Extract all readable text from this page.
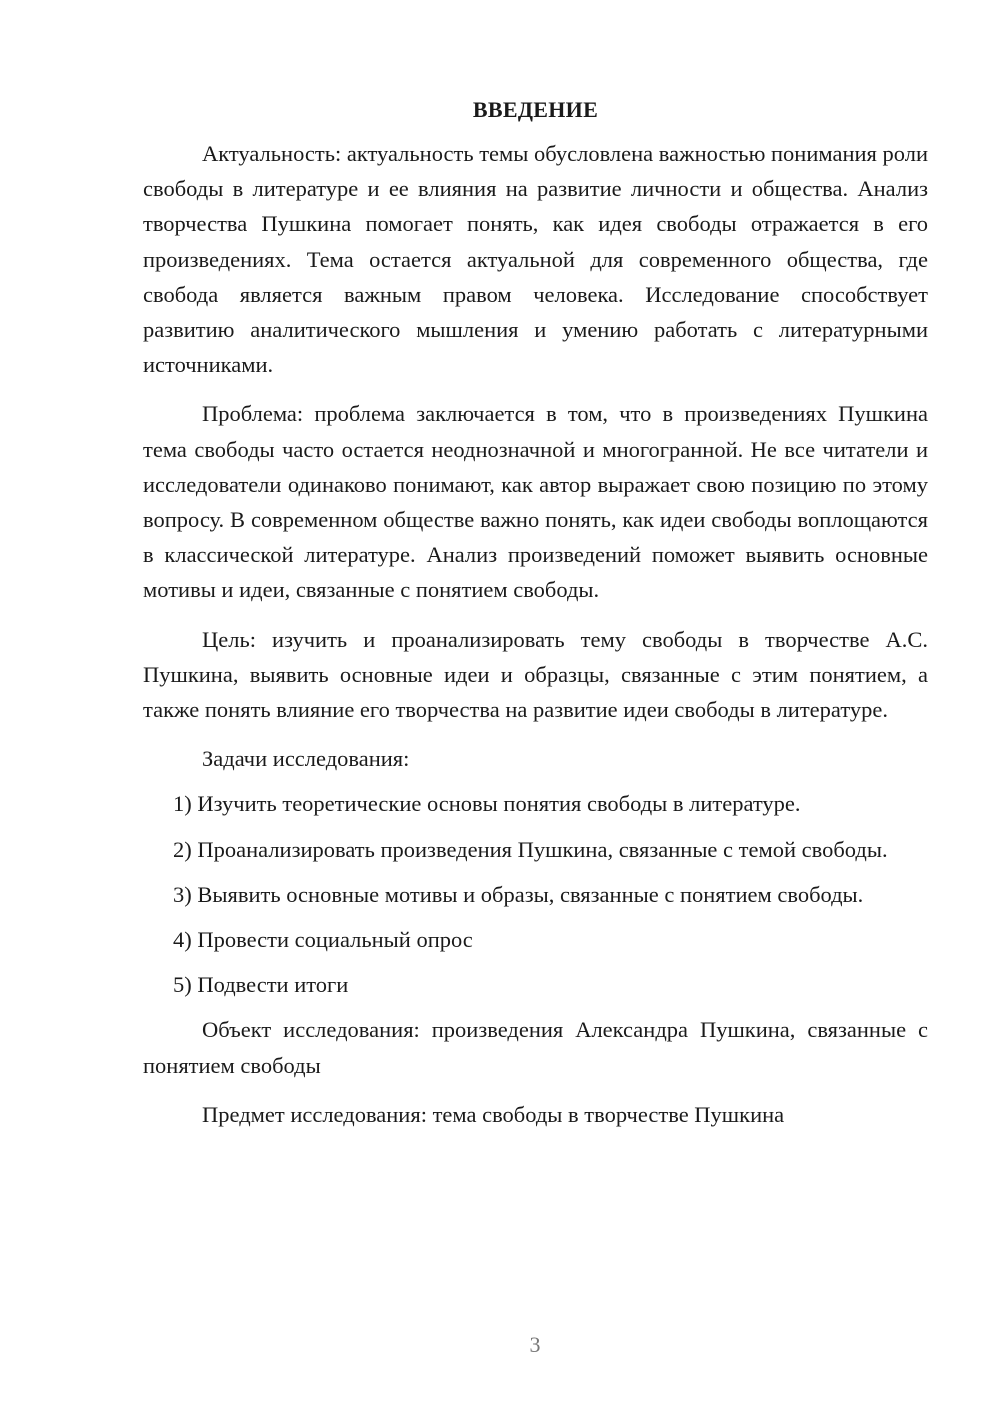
ВВЕДЕНИЕ

Актуальность: актуальность темы обусловлена важностью понимания роли свободы в литературе и ее влияния на развитие личности и общества. Анализ творчества Пушкина помогает понять, как идея свободы отражается в его произведениях. Тема остается актуальной для современного общества, где свобода является важным правом человека. Исследование способствует развитию аналитического мышления и умению работать с литературными источниками.

Проблема: проблема заключается в том, что в произведениях Пушкина тема свободы часто остается неоднозначной и многогранной. Не все читатели и исследователи одинаково понимают, как автор выражает свою позицию по этому вопросу. В современном обществе важно понять, как идеи свободы воплощаются в классической литературе. Анализ произведений поможет выявить основные мотивы и идеи, связанные с понятием свободы.

Цель: изучить и проанализировать тему свободы в творчестве А.С. Пушкина, выявить основные идеи и образцы, связанные с этим понятием, а также понять влияние его творчества на развитие идеи свободы в литературе.

Задачи исследования:

1) Изучить теоретические основы понятия свободы в литературе.

2) Проанализировать произведения Пушкина, связанные с темой свободы.

3) Выявить основные мотивы и образы, связанные с понятием свободы.

4) Провести социальный опрос

5) Подвести итоги

Объект исследования: произведения Александра Пушкина, связанные с понятием свободы

Предмет исследования: тема свободы в творчестве Пушкина

3
